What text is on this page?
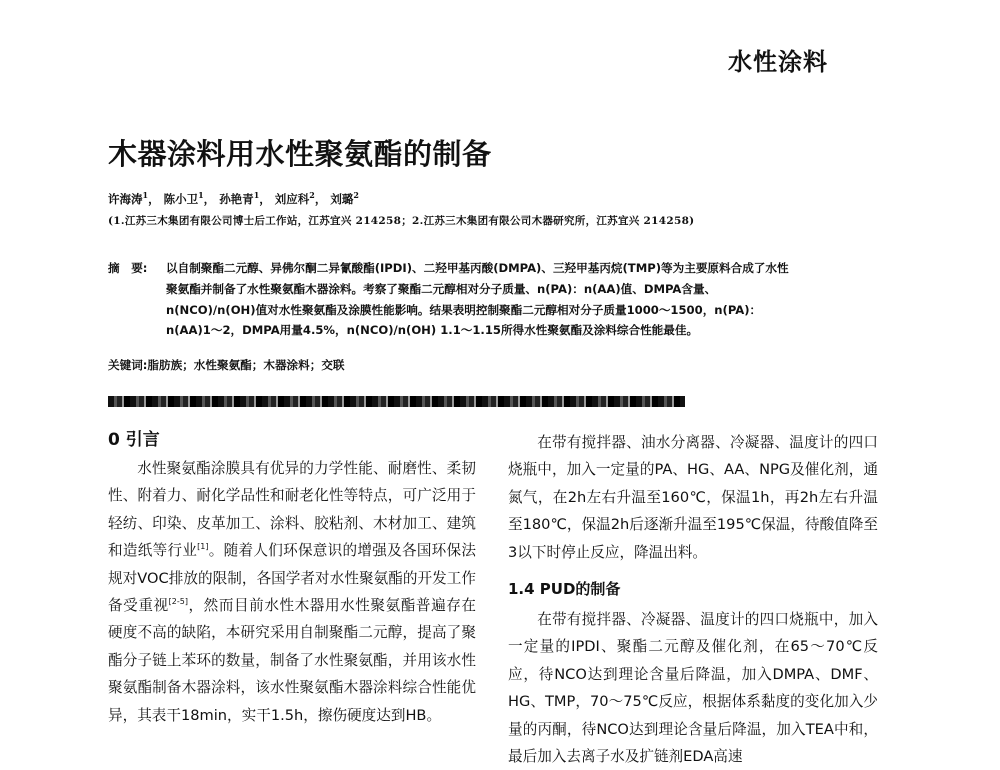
水性涂料
木器涂料用水性聚氨酯的制备
许海涛$^1$， 陈小卫$^1$， 孙艳青$^1$， 刘应科$^2$， 刘璐$^2$
(1.江苏三木集团有限公司博士后工作站，江苏宜兴 214258；2.江苏三木集团有限公司木器研究所，江苏宜兴 214258)
摘　要:	以自制聚酯二元醇、异佛尔酮二异氰酸酯(IPDI)、二羟甲基丙酸(DMPA)、三羟甲基丙烷(TMP)等为主要原料合成了水性聚氨酯并制备了水性聚氨酯木器涂料。考察了聚酯二元醇相对分子质量、n(PA)：n(AA)值、DMPA含量、n(NCO)/n(OH)值对水性聚氨酯及涂膜性能影响。结果表明控制聚酯二元醇相对分子质量1000～1500，n(PA)：n(AA)1～2，DMPA用量4.5%，n(NCO)/n(OH) 1.1～1.15所得水性聚氨酯及涂料综合性能最佳。
关键词:脂肪族；水性聚氨酯；木器涂料；交联
0 引言

水性聚氨酯涂膜具有优异的力学性能、耐磨性、柔韧性、附着力、耐化学品性和耐老化性等特点，可广泛用于轻纺、印染、皮革加工、涂料、胶粘剂、木材加工、建筑和造纸等行业[1]。随着人们环保意识的增强及各国环保法规对VOC排放的限制，各国学者对水性聚氨酯的开发工作备受重视[2-5]，然而目前水性木器用水性聚氨酯普遍存在硬度不高的缺陷，本研究采用自制聚酯二元醇，提高了聚酯分子链上苯环的数量，制备了水性聚氨酯，并用该水性聚氨酯制备木器涂料，该水性聚氨酯木器涂料综合性能优异，其表干18min，实干1.5h，擦伤硬度达到HB。

在带有搅拌器、油水分离器、冷凝器、温度计的四口烧瓶中，加入一定量的PA、HG、AA、NPG及催化剂，通氮气，在2h左右升温至160℃，保温1h，再2h左右升温至180℃，保温2h后逐渐升温至195℃保温，待酸值降至3以下时停止反应，降温出料。

1.4 PUD的制备

在带有搅拌器、冷凝器、温度计的四口烧瓶中，加入一定量的IPDI、聚酯二元醇及催化剂，在65～70℃反应，待NCO达到理论含量后降温，加入DMPA、DMF、HG、TMP，70～75℃反应，根据体系黏度的变化加入少量的丙酮，待NCO达到理论含量后降温，加入TEA中和，最后加入去离子水及扩链剂EDA高速
